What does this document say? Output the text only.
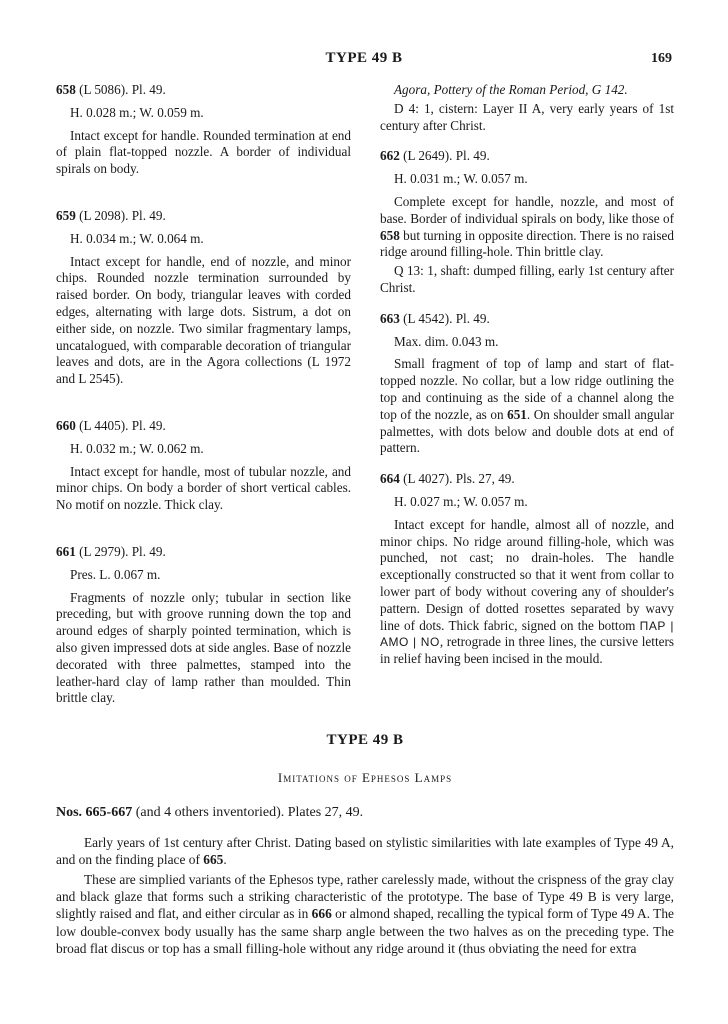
TYPE 49 B	169

658 (L 5086). Pl. 49.

H. 0.028 m.; W. 0.059 m.

Intact except for handle. Rounded termination at end of plain flat-topped nozzle. A border of individual spirals on body.

659 (L 2098). Pl. 49.

H. 0.034 m.; W. 0.064 m.

Intact except for handle, end of nozzle, and minor chips. Rounded nozzle termination surrounded by raised border. On body, triangular leaves with corded edges, alternating with large dots. Sistrum, a dot on either side, on nozzle. Two similar fragmentary lamps, uncatalogued, with comparable decoration of triangular leaves and dots, are in the Agora collections (L 1972 and L 2545).

660 (L 4405). Pl. 49.

H. 0.032 m.; W. 0.062 m.

Intact except for handle, most of tubular nozzle, and minor chips. On body a border of short vertical cables. No motif on nozzle. Thick clay.

661 (L 2979). Pl. 49.

Pres. L. 0.067 m.

Fragments of nozzle only; tubular in section like preceding, but with groove running down the top and around edges of sharply pointed termination, which is also given impressed dots at side angles. Base of nozzle decorated with three palmettes, stamped into the leather-hard clay of lamp rather than moulded. Thin brittle clay.

Agora, Pottery of the Roman Period, G 142.

D 4: 1, cistern: Layer II A, very early years of 1st century after Christ.

662 (L 2649). Pl. 49.

H. 0.031 m.; W. 0.057 m.

Complete except for handle, nozzle, and most of base. Border of individual spirals on body, like those of 658 but turning in opposite direction. There is no raised ridge around filling-hole. Thin brittle clay.

Q 13: 1, shaft: dumped filling, early 1st century after Christ.

663 (L 4542). Pl. 49.

Max. dim. 0.043 m.

Small fragment of top of lamp and start of flat-topped nozzle. No collar, but a low ridge outlining the top and continuing as the side of a channel along the top of the nozzle, as on 651. On shoulder small angular palmettes, with dots below and double dots at end of pattern.

664 (L 4027). Pls. 27, 49.

H. 0.027 m.; W. 0.057 m.

Intact except for handle, almost all of nozzle, and minor chips. No ridge around filling-hole, which was punched, not cast; no drain-holes. The handle exceptionally constructed so that it went from collar to lower part of body without covering any of shoulder's pattern. Design of dotted rosettes separated by wavy line of dots. Thick fabric, signed on the bottom ΠΑΡ | ΑΜΟ | ΝΟ, retrograde in three lines, the cursive letters in relief having been incised in the mould.

TYPE 49 B

Imitations of Ephesos Lamps

Nos. 665-667 (and 4 others inventoried). Plates 27, 49.

Early years of 1st century after Christ. Dating based on stylistic similarities with late examples of Type 49 A, and on the finding place of 665.

These are simplied variants of the Ephesos type, rather carelessly made, without the crispness of the gray clay and black glaze that forms such a striking characteristic of the prototype. The base of Type 49 B is very large, slightly raised and flat, and either circular as in 666 or almond shaped, recalling the typical form of Type 49 A. The low double-convex body usually has the same sharp angle between the two halves as on the preceding type. The broad flat discus or top has a small filling-hole without any ridge around it (thus obviating the need for extra
